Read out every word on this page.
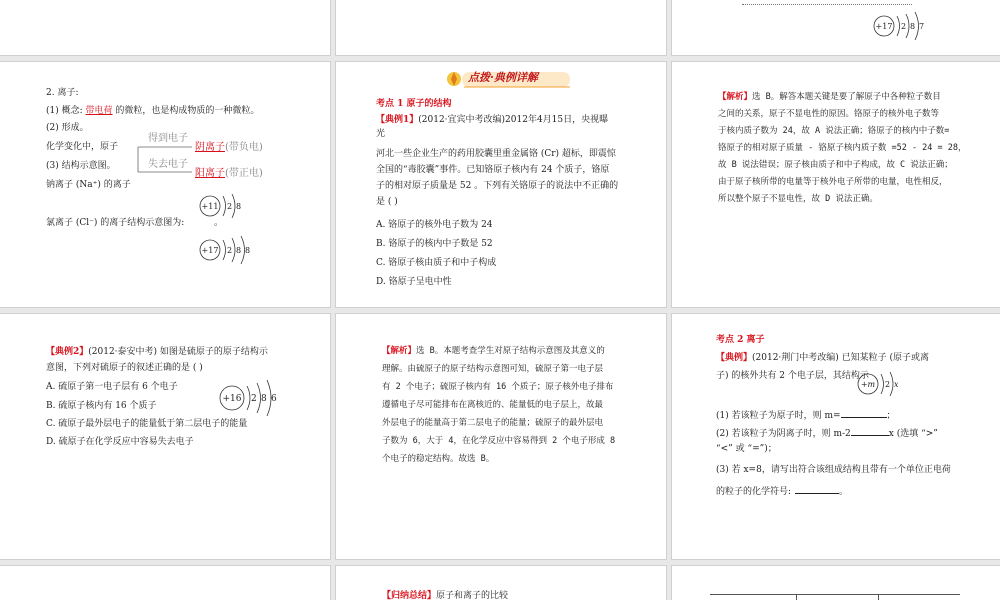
+17 2 8 7
2. 离子:
(1) 概念: 带电荷 的微粒，也是构成物质的一种微粒。
(2) 形成。
化学变化中，原子
得到电子
失去电子
阴离子(带负电)
阳离子(带正电)
(3) 结构示意图。
钠离子 (Na⁺) 的离子
+11 2 8
氯离子 (Cl⁻) 的离子结构示意图为:	。
+17 2 8 8
点拨·典例详解
考点 1 原子的结构
【典例1】(2012·宜宾中考改编)2012年4月15日，央视曝
光
河北一些企业生产的药用胶囊里重金属铬 (Cr) 超标，即震惊
全国的“毒胶囊”事件。已知铬原子核内有 24 个质子，铬原
子的相对原子质量是 52 。下列有关铬原子的说法中不正确的
是 ( )
A. 铬原子的核外电子数为 24
B. 铬原子的核内中子数是 52
C. 铬原子核由质子和中子构成
D. 铬原子呈电中性
【解析】选 B。解答本题关键是要了解原子中各种粒子数目
之间的关系，原子不显电性的原因。铬原子的核外电子数等
于核内质子数为 24，故 A 说法正确；铬原子的核内中子数=
铬原子的相对原子质量 - 铬原子核内质子数 =52 - 24 = 28，
故 B 说法错误；原子核由质子和中子构成，故 C 说法正确；
由于原子核所带的电量等于核外电子所带的电量，电性相反，
所以整个原子不显电性，故 D 说法正确。
【典例2】(2012·泰安中考) 如图是硫原子的原子结构示
意图，下列对硫原子的叙述正确的是 ( )
+16 2 8 6
A. 硫原子第一电子层有 6 个电子
B. 硫原子核内有 16 个质子
C. 硫原子最外层电子的能量低于第二层电子的能量
D. 硫原子在化学反应中容易失去电子
【解析】选 B。本题考查学生对原子结构示意图及其意义的
理解。由硫原子的原子结构示意图可知，硫原子第一电子层
有 2 个电子；硫原子核内有 16 个质子；原子核外电子排布
遵循电子尽可能排布在离核近的、能量低的电子层上，故最
外层电子的能量高于第二层电子的能量；硫原子的最外层电
子数为 6，大于 4，在化学反应中容易得到 2 个电子形成 8
个电子的稳定结构。故选 B。
考点 2 离子
【典例】(2012·荆门中考改编) 已知某粒子 (原子或离
子) 的核外共有 2 个电子层，其结构示
+m 2 x
(1) 若该粒子为原子时，则 m=	；
(2) 若该粒子为阴离子时，则 m-2	x (选填 “>”
“<” 或 “=”)；
(3) 若 x=8，请写出符合该组成结构且带有一个单位正电荷
的粒子的化学符号:	。
【归纳总结】原子和离子的比较
